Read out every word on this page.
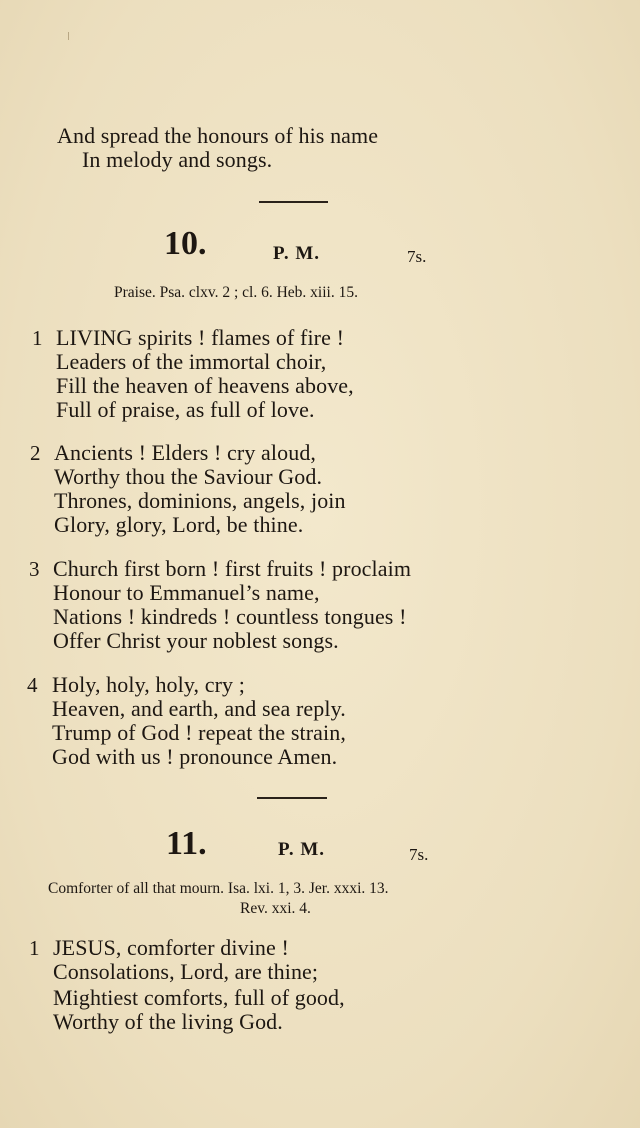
And spread the honours of his name
In melody and songs.
10.	P. M.	7s.
Praise. Psa. clxv. 2 ; cl. 6. Heb. xiii. 15.
1 LIVING spirits ! flames of fire !
Leaders of the immortal choir,
Fill the heaven of heavens above,
Full of praise, as full of love.
2 Ancients ! Elders ! cry aloud,
Worthy thou the Saviour God.
Thrones, dominions, angels, join
Glory, glory, Lord, be thine.
3 Church first born ! first fruits ! proclaim
Honour to Emmanuel’s name,
Nations ! kindreds ! countless tongues !
Offer Christ your noblest songs.
4 Holy, holy, holy, cry ;
Heaven, and earth, and sea reply.
Trump of God ! repeat the strain,
God with us ! pronounce Amen.
11.	P. M.	7s.
Comforter of all that mourn. Isa. lxi. 1, 3. Jer. xxxi. 13.
Rev. xxi. 4.
1 JESUS, comforter divine !
Consolations, Lord, are thine;
Mightiest comforts, full of good,
Worthy of the living God.
